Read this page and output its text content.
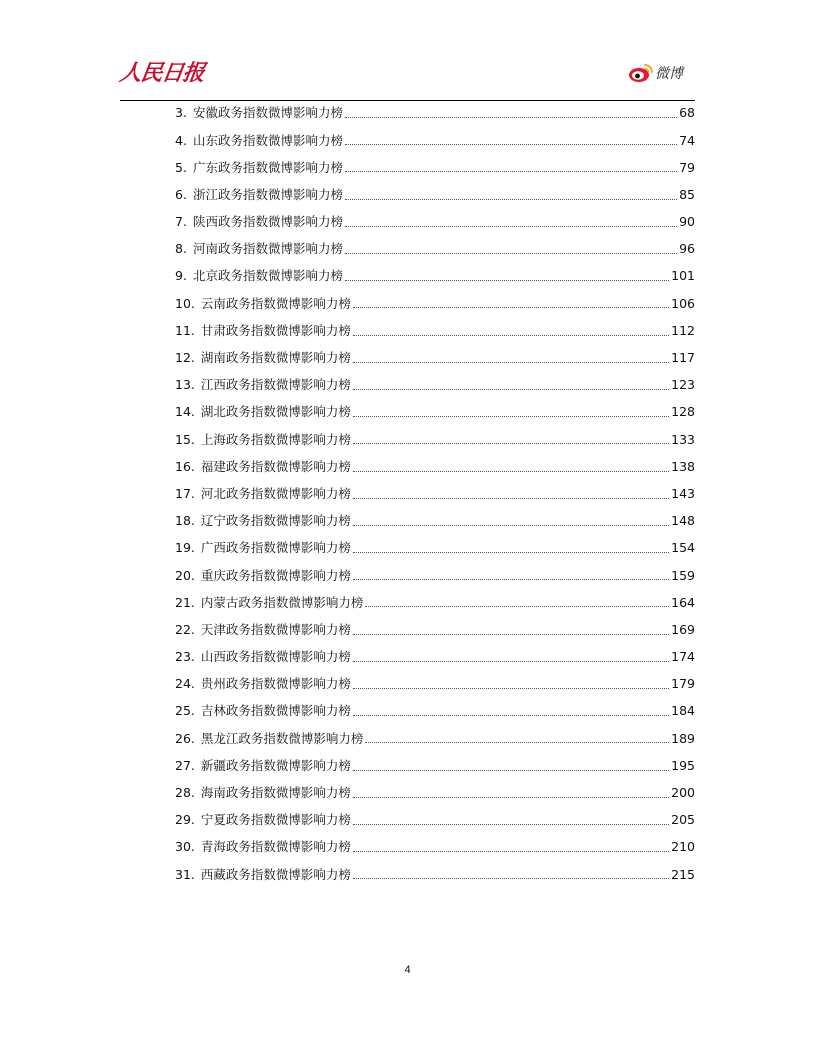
人民日报	微博
3. 安徽政务指数微博影响力榜	68
4. 山东政务指数微博影响力榜	74
5. 广东政务指数微博影响力榜	79
6. 浙江政务指数微博影响力榜	85
7. 陕西政务指数微博影响力榜	90
8. 河南政务指数微博影响力榜	96
9. 北京政务指数微博影响力榜	101
10. 云南政务指数微博影响力榜	106
11. 甘肃政务指数微博影响力榜	112
12. 湖南政务指数微博影响力榜	117
13. 江西政务指数微博影响力榜	123
14. 湖北政务指数微博影响力榜	128
15. 上海政务指数微博影响力榜	133
16. 福建政务指数微博影响力榜	138
17. 河北政务指数微博影响力榜	143
18. 辽宁政务指数微博影响力榜	148
19. 广西政务指数微博影响力榜	154
20. 重庆政务指数微博影响力榜	159
21. 内蒙古政务指数微博影响力榜	164
22. 天津政务指数微博影响力榜	169
23. 山西政务指数微博影响力榜	174
24. 贵州政务指数微博影响力榜	179
25. 吉林政务指数微博影响力榜	184
26. 黑龙江政务指数微博影响力榜	189
27. 新疆政务指数微博影响力榜	195
28. 海南政务指数微博影响力榜	200
29. 宁夏政务指数微博影响力榜	205
30. 青海政务指数微博影响力榜	210
31. 西藏政务指数微博影响力榜	215
4
